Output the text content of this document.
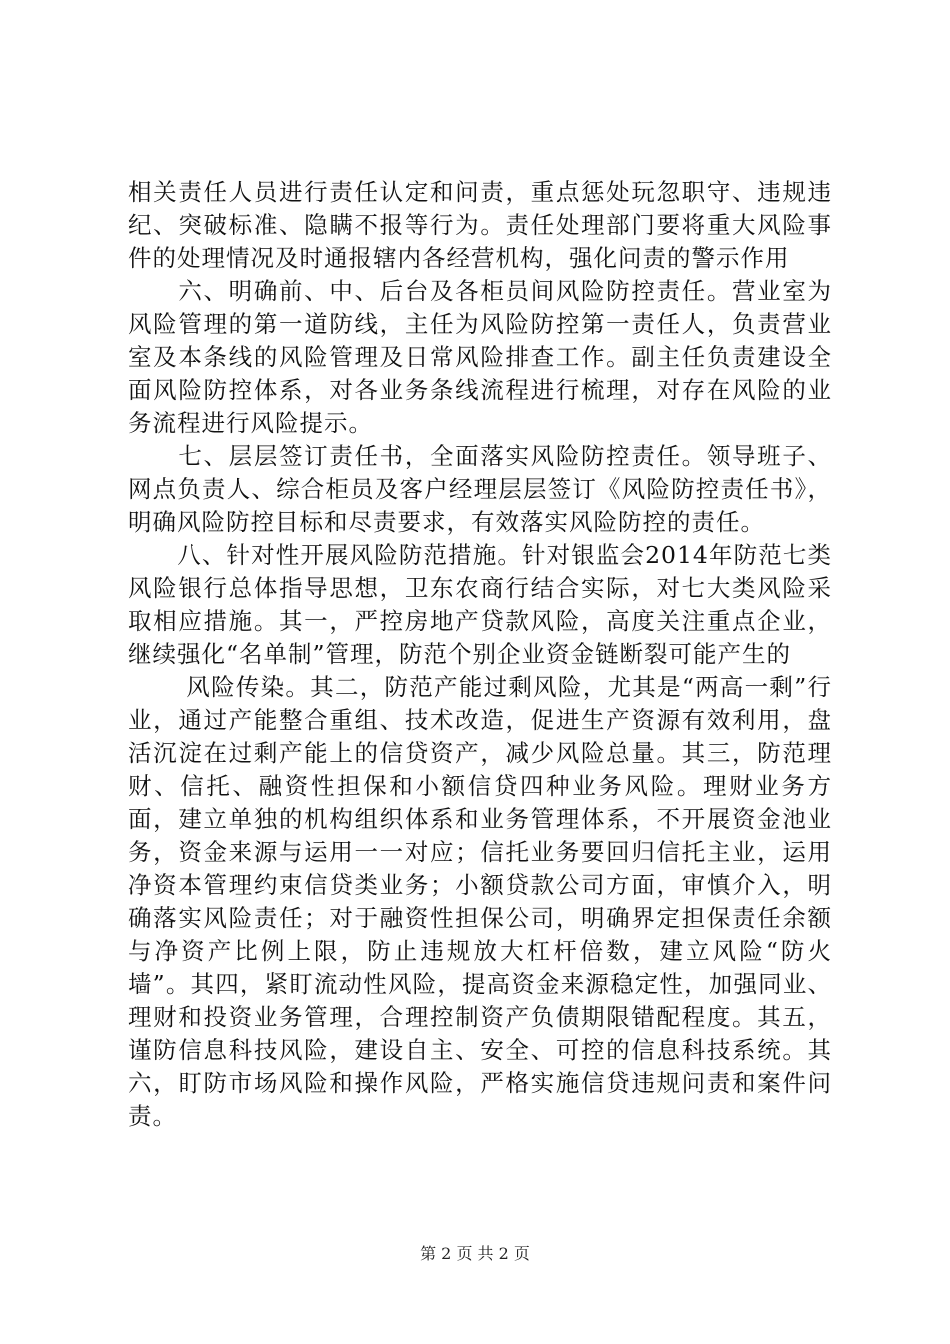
相关责任人员进行责任认定和问责，重点惩处玩忽职守、违规违纪、突破标准、隐瞒不报等行为。责任处理部门要将重大风险事件的处理情况及时通报辖内各经营机构，强化问责的警示作用

　　六、明确前、中、后台及各柜员间风险防控责任。营业室为风险管理的第一道防线，主任为风险防控第一责任人，负责营业室及本条线的风险管理及日常风险排查工作。副主任负责建设全面风险防控体系，对各业务条线流程进行梳理，对存在风险的业务流程进行风险提示。

　　七、层层签订责任书，全面落实风险防控责任。领导班子、网点负责人、综合柜员及客户经理层层签订《风险防控责任书》，明确风险防控目标和尽责要求，有效落实风险防控的责任。

　　八、针对性开展风险防范措施。针对银监会2014年防范七类风险银行总体指导思想，卫东农商行结合实际，对七大类风险采取相应措施。其一，严控房地产贷款风险，高度关注重点企业，继续强化“名单制”管理，防范个别企业资金链断裂可能产生的

　　 风险传染。其二，防范产能过剩风险，尤其是“两高一剩”行业，通过产能整合重组、技术改造，促进生产资源有效利用，盘活沉淀在过剩产能上的信贷资产，减少风险总量。其三，防范理财、信托、融资性担保和小额信贷四种业务风险。理财业务方面，建立单独的机构组织体系和业务管理体系，不开展资金池业务，资金来源与运用一一对应；信托业务要回归信托主业，运用净资本管理约束信贷类业务；小额贷款公司方面，审慎介入，明确落实风险责任；对于融资性担保公司，明确界定担保责任余额与净资产比例上限，防止违规放大杠杆倍数，建立风险“防火墙”。其四，紧盯流动性风险，提高资金来源稳定性，加强同业、理财和投资业务管理，合理控制资产负债期限错配程度。其五，谨防信息科技风险，建设自主、安全、可控的信息科技系统。其六，盯防市场风险和操作风险，严格实施信贷违规问责和案件问责。

第 2 页 共 2 页
